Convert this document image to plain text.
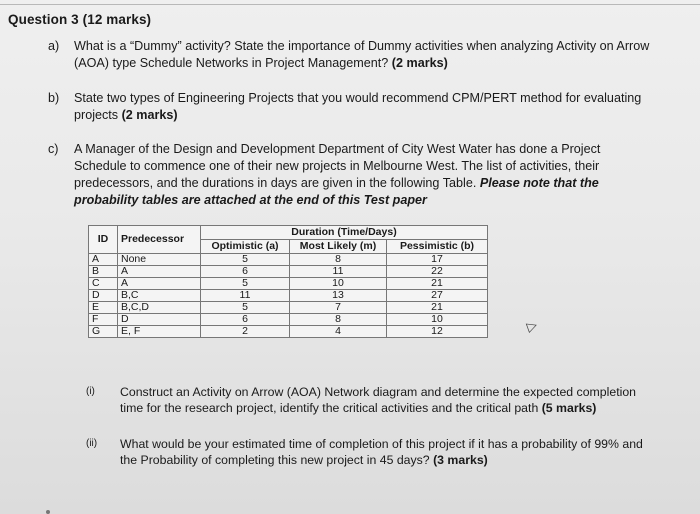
Question 3 (12 marks)
a) What is a “Dummy” activity? State the importance of Dummy activities when analyzing Activity on Arrow (AOA) type Schedule Networks in Project Management? (2 marks)
b) State two types of Engineering Projects that you would recommend CPM/PERT method for evaluating projects (2 marks)
c) A Manager of the Design and Development Department of City West Water has done a Project Schedule to commence one of their new projects in Melbourne West. The list of activities, their predecessors, and the durations in days are given in the following Table. Please note that the probability tables are attached at the end of this Test paper
ID	Predecessor	Duration (Time/Days)		
		Optimistic (a)	Most Likely (m)	Pessimistic (b)
A	None	5	8	17
B	A	6	11	22
C	A	5	10	21
D	B,C	11	13	27
E	B,C,D	5	7	21
F	D	6	8	10
G	E, F	2	4	12	▷
(i) Construct an Activity on Arrow (AOA) Network diagram and determine the expected completion time for the research project, identify the critical activities and the critical path (5 marks)
(ii) What would be your estimated time of completion of this project if it has a probability of 99% and the Probability of completing this new project in 45 days? (3 marks)
